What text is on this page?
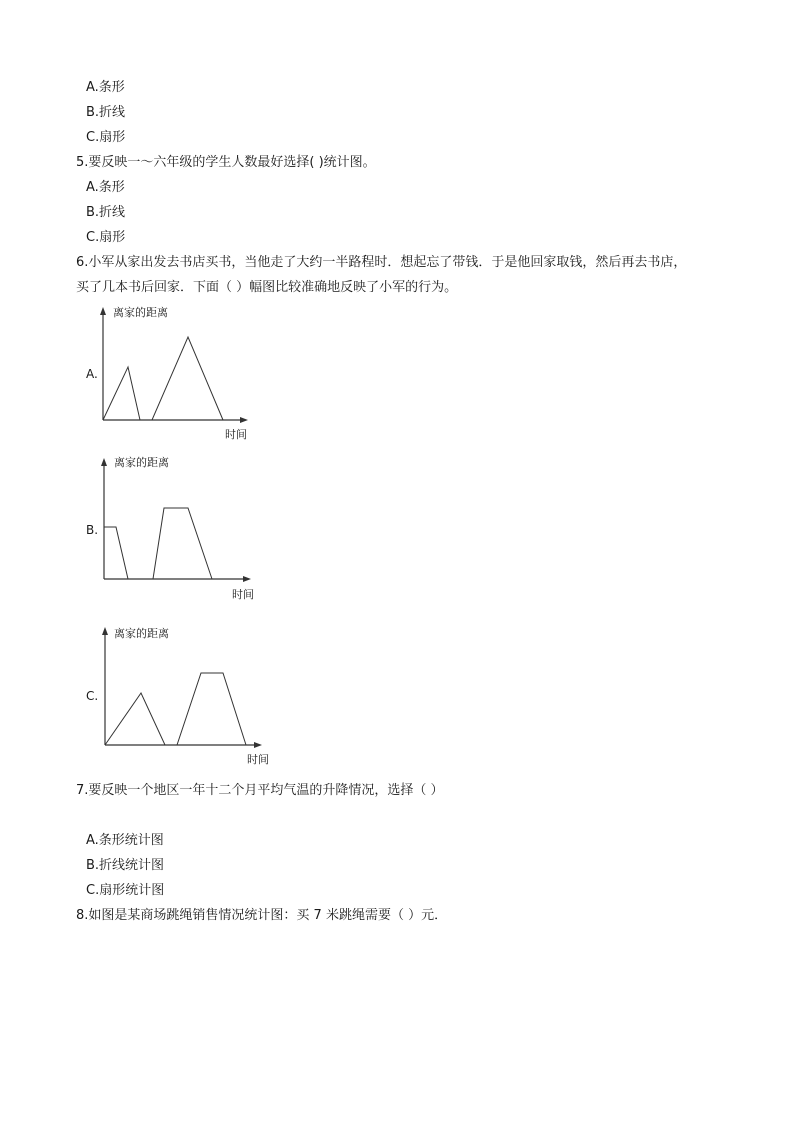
A.条形
B.折线
C.扇形
5.要反映一～六年级的学生人数最好选择( )统计图。
A.条形
B.折线
C.扇形
6.小军从家出发去书店买书，当他走了大约一半路程时．想起忘了带钱．于是他回家取钱，然后再去书店，
买了几本书后回家．下面（ ）幅图比较准确地反映了小军的行为。
A.
离家的距离
时间
B.
离家的距离
时间
C.
离家的距离
时间
7.要反映一个地区一年十二个月平均气温的升降情况，选择（ ）
A.条形统计图
B.折线统计图
C.扇形统计图
8.如图是某商场跳绳销售情况统计图：买 7 米跳绳需要（ ）元．
